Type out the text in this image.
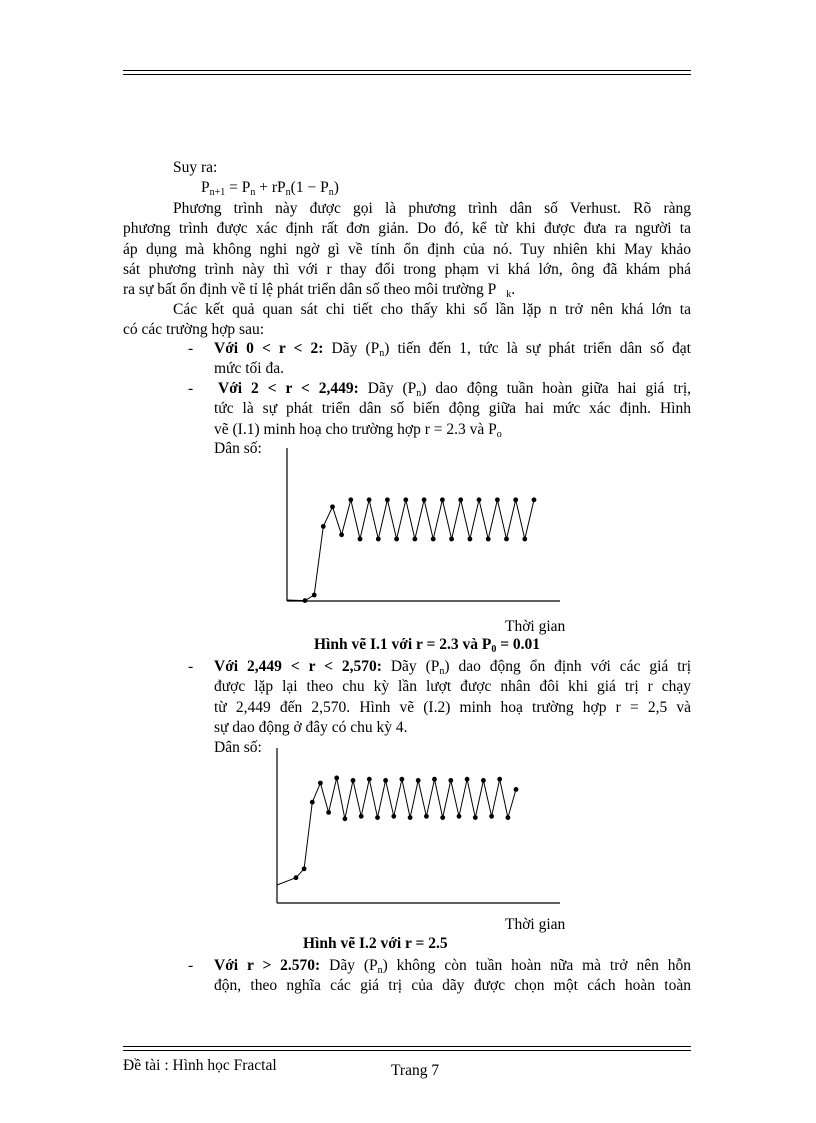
Suy ra:
$P_{n+1} = P_n + rP_n(1 - P_n)$
Phương trình này được gọi là phương trình dân số Verhust. Rõ ràng
phương trình được xác định rất đơn giản. Do đó, kể từ khi được đưa ra người ta
áp dụng mà không nghi ngờ gì về tính ổn định của nó. Tuy nhiên khi May khảo
sát phương trình này thì với r thay đổi trong phạm vi khá lớn, ông đã khám phá
ra sự bất ổn định về tỉ lệ phát triển dân số theo môi trường P $_k$.
Các kết quả quan sát chi tiết cho thấy khi số lần lặp n trở nên khá lớn ta
có các trường hợp sau:
- Với 0 < r < 2: Dãy $(P_n)$ tiến đến 1, tức là sự phát triển dân số đạt
mức tối đa.
- Với 2 < r < 2,449: Dãy $(P_n)$ dao động tuần hoàn giữa hai giá trị,
tức là sự phát triển dân số biến động giữa hai mức xác định. Hình
vẽ (I.1) minh hoạ cho trường hợp r = 2.3 và $P_o$
Dân số:
Thời gian
Hình vẽ I.1 với r = 2.3 và $P_0 = 0.01$
- Với 2,449 < r < 2,570: Dãy $(P_n)$ dao động ổn định với các giá trị
được lặp lại theo chu kỳ lần lượt được nhân đôi khi giá trị r chạy
từ 2,449 đến 2,570. Hình vẽ (I.2) minh hoạ trường hợp r = 2,5 và
sự dao động ở đây có chu kỳ 4.
Dân số:
Thời gian
Hình vẽ I.2 với r = 2.5
- Với r > 2.570: Dãy $(P_n)$ không còn tuần hoàn nữa mà trở nên hỗn
độn, theo nghĩa các giá trị của dãy được chọn một cách hoàn toàn
Đề tài : Hình học Fractal	Trang 7
